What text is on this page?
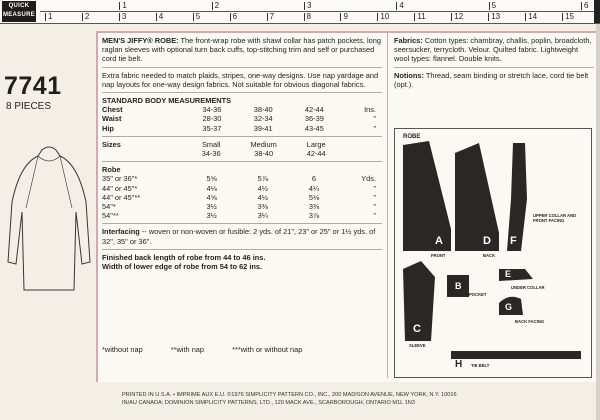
QUICK
MEASURE
1	2	3	4	5	6
1	2	3	4	5	6	7	8	9	10	11	12	13	14	15
7741
8 PIECES
MEN'S JIFFY® ROBE: The front-wrap robe with shawl collar has patch pockets, long raglan sleeves with optional turn back cuffs, top-stitching trim and self or purchased cord tie belt.
Extra fabric needed to match plaids, stripes, one-way designs. Use nap yardage and nap layouts for one-way design fabrics. Not suitable for obvious diagonal fabrics.
STANDARD BODY MEASUREMENTS
Chest	34-36	38-40	42-44	Ins.
Waist	28-30	32-34	36-39	"
Hip	35-37	39-41	43-45	"
Sizes	Small	Medium	Large	
	34-36	38-40	42-44	
Robe				
35" or 36"*	5⅝	5⅞	6	Yds.
44" or 45"*	4⅛	4½	4¼	"
44" or 45"**	4⅝	4½	5⅛	"
54"*	3½	3⅜	3⅜	"
54"**	3½	3¼	3⅞	"
Interfacing -- woven or non-woven or fusible: 2 yds. of 21", 23" or 25" or 1½ yds. of 32", 35" or 36".
Finished back length of robe from 44 to 46 ins.
Width of lower edge of robe from 54 to 62 ins.
*without nap	**with nap	***with or without nap
Fabrics: Cotton types: chambray, challis, poplin, broadcloth, seersucker, terrycloth. Velour. Quilted fabric. Lightweight wool types: flannel. Double knits.
Notions: Thread, seam binding or stretch lace, cord tie belt (opt.).
ROBE
A
FRONT
D
BACK
F
UPPER COLLAR AND FRONT FACING
B
POCKET
E
UNDER COLLAR
G
BACK FACING
C
SLEEVE
H TIE BELT
PRINTED IN U.S.A. • IMPRIME AUX E.U. ©1976 SIMPLICITY PATTERN CO., INC., 200 MADISON AVENUE, NEW YORK, N.Y. 10016
IN/AU CANADA: DOMINION SIMPLICITY PATTERNS, LTD., 120 MACK AVE., SCARBOROUGH, ONTARIO M1L 1N3
